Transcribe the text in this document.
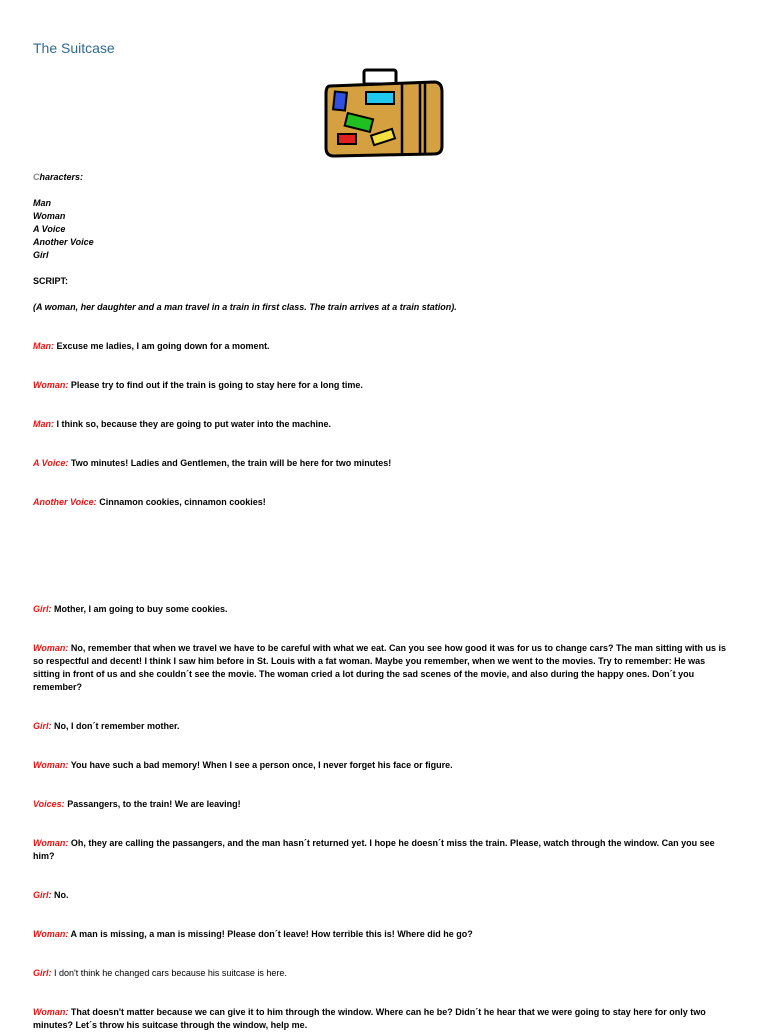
The Suitcase
Characters:
Man
Woman
A Voice
Another Voice
Girl
SCRIPT:
(A woman, her daughter and a man travel in a train in first class. The train arrives at a train station).
Man: Excuse me ladies, I am going down for a moment.
Woman: Please try to find out if the train is going to stay here for a long time.
Man: I think so, because they are going to put water into the machine.
A Voice: Two minutes! Ladies and Gentlemen, the train will be here for two minutes!
Another Voice: Cinnamon cookies, cinnamon cookies!
Girl: Mother, I am going to buy some cookies.
Woman: No, remember that when we travel we have to be careful with what we eat. Can you see how good it was for us to change cars? The man sitting with us is so respectful and decent! I think I saw him before in St. Louis with a fat woman. Maybe you remember, when we went to the movies. Try to remember: He was sitting in front of us and she couldn´t see the movie. The woman cried a lot during the sad scenes of the movie, and also during the happy ones. Don´t you remember?
Girl: No, I don´t remember mother.
Woman: You have such a bad memory! When I see a person once, I never forget his face or figure.
Voices: Passangers, to the train! We are leaving!
Woman: Oh, they are calling the passangers, and the man hasn´t returned yet. I hope he doesn´t miss the train. Please, watch through the window. Can you see him?
Girl: No.
Woman: A man is missing, a man is missing! Please don´t leave! How terrible this is! Where did he go?
Girl: I don't think he changed cars because his suitcase is here.
Woman: That doesn't matter because we can give it to him through the window. Where can he be? Didn´t he hear that we were going to stay here for only two minutes? Let´s throw his suitcase through the window, help me.
